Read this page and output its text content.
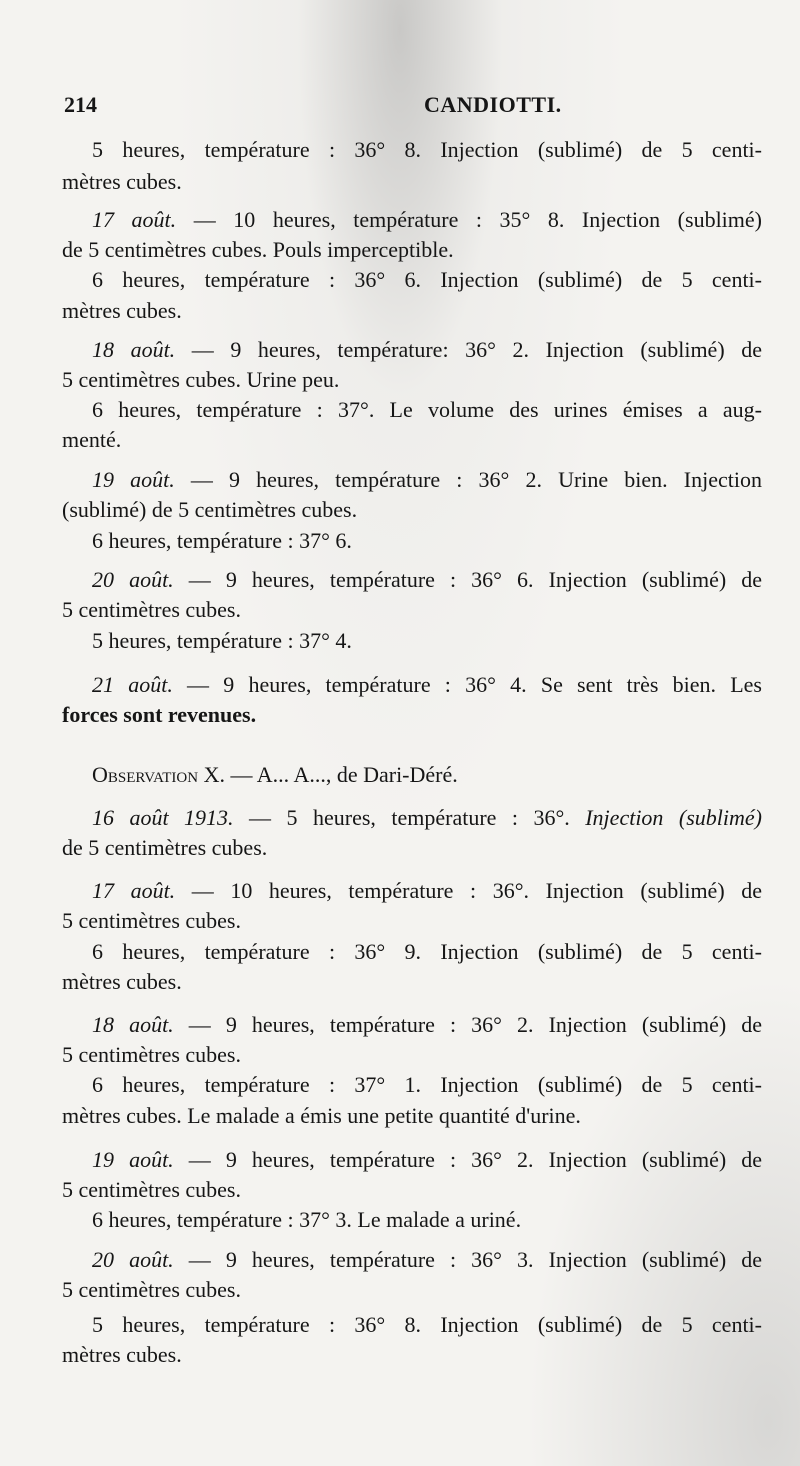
214	CANDIOTTI.
5 heures, température : 36° 8. Injection (sublimé) de 5 centi-
mètres cubes.
17 août. — 10 heures, température : 35° 8. Injection (sublimé)
de 5 centimètres cubes. Pouls imperceptible.
6 heures, température : 36° 6. Injection (sublimé) de 5 centi-
mètres cubes.
18 août. — 9 heures, température: 36° 2. Injection (sublimé) de
5 centimètres cubes. Urine peu.
6 heures, température : 37°. Le volume des urines émises a aug-
menté.
19 août. — 9 heures, température : 36° 2. Urine bien. Injection
(sublimé) de 5 centimètres cubes.
6 heures, température : 37° 6.
20 août. — 9 heures, température : 36° 6. Injection (sublimé) de
5 centimètres cubes.
5 heures, température : 37° 4.
21 août. — 9 heures, température : 36° 4. Se sent très bien. Les
forces sont revenues.
Observation X. — A... A..., de Dari-Déré.
16 août 1913. — 5 heures, température : 36°. Injection (sublimé)
de 5 centimètres cubes.
17 août. — 10 heures, température : 36°. Injection (sublimé) de
5 centimètres cubes.
6 heures, température : 36° 9. Injection (sublimé) de 5 centi-
mètres cubes.
18 août. — 9 heures, température : 36° 2. Injection (sublimé) de
5 centimètres cubes.
6 heures, température : 37° 1. Injection (sublimé) de 5 centi-
mètres cubes. Le malade a émis une petite quantité d'urine.
19 août. — 9 heures, température : 36° 2. Injection (sublimé) de
5 centimètres cubes.
6 heures, température : 37° 3. Le malade a uriné.
20 août. — 9 heures, température : 36° 3. Injection (sublimé) de
5 centimètres cubes.
5 heures, température : 36° 8. Injection (sublimé) de 5 centi-
mètres cubes.
